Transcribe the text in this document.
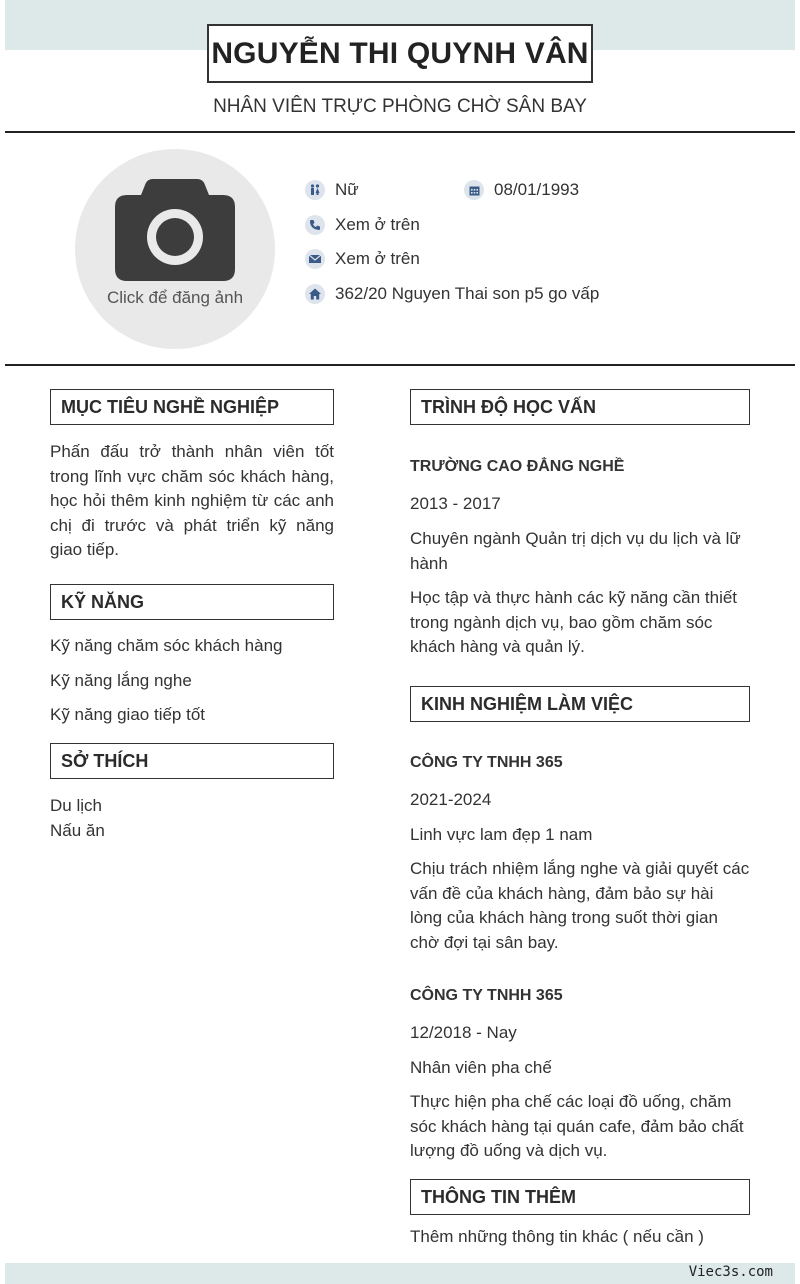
NGUYỄN THI QUYNH VÂN
NHÂN VIÊN TRỰC PHÒNG CHỜ SÂN BAY
Click để đăng ảnh
Nữ	08/01/1993
Xem ở trên
Xem ở trên
362/20 Nguyen Thai son p5 go vấp
MỤC TIÊU NGHỀ NGHIỆP
Phấn đấu trở thành nhân viên tốt trong lĩnh vực chăm sóc khách hàng, học hỏi thêm kinh nghiệm từ các anh chị đi trước và phát triển kỹ năng giao tiếp.
KỸ NĂNG
Kỹ năng chăm sóc khách hàng
Kỹ năng lắng nghe
Kỹ năng giao tiếp tốt
SỞ THÍCH
Du lịch
Nấu ăn
TRÌNH ĐỘ HỌC VẤN
TRƯỜNG CAO ĐẲNG NGHỀ
2013 - 2017
Chuyên ngành Quản trị dịch vụ du lịch và lữ hành
Học tập và thực hành các kỹ năng cần thiết trong ngành dịch vụ, bao gồm chăm sóc khách hàng và quản lý.
KINH NGHIỆM LÀM VIỆC
CÔNG TY TNHH 365
2021-2024
Linh vực lam đẹp 1 nam
Chịu trách nhiệm lắng nghe và giải quyết các vấn đề của khách hàng, đảm bảo sự hài lòng của khách hàng trong suốt thời gian chờ đợi tại sân bay.
CÔNG TY TNHH 365
12/2018 - Nay
Nhân viên pha chế
Thực hiện pha chế các loại đồ uống, chăm sóc khách hàng tại quán cafe, đảm bảo chất lượng đồ uống và dịch vụ.
THÔNG TIN THÊM
Thêm những thông tin khác ( nếu cần )
Viec3s.com
